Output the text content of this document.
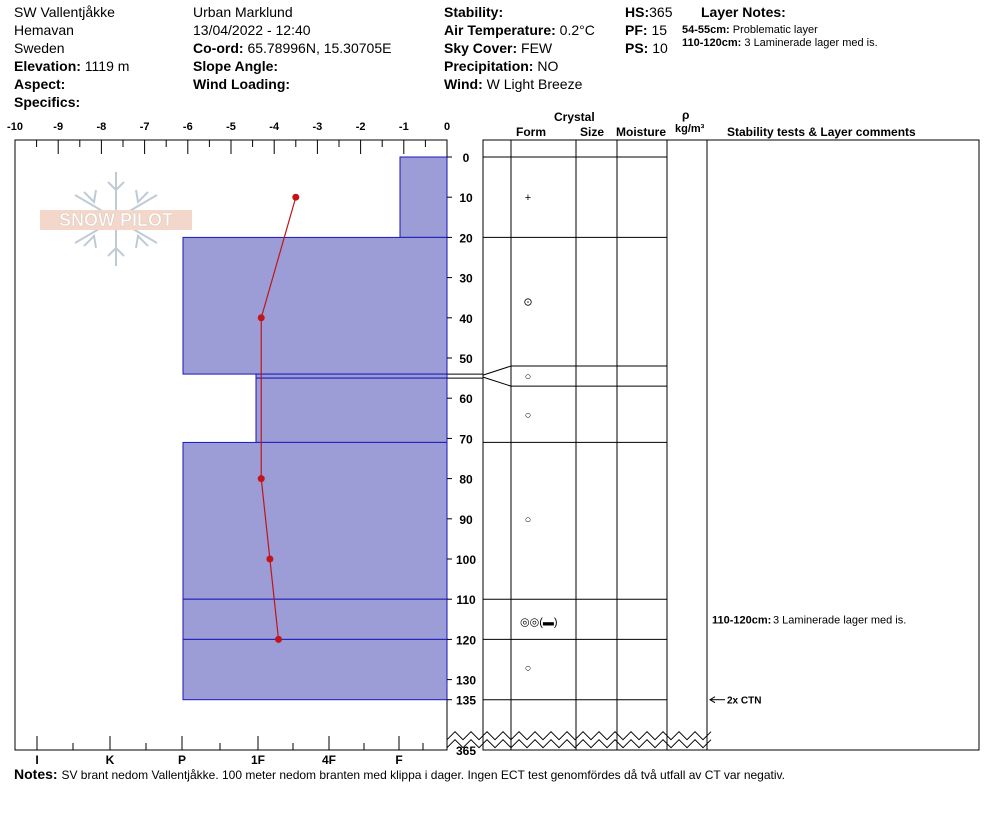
SW Vallentjåkke
Hemavan
Sweden
Elevation: 1119 m
Aspect:
Specifics:
Urban Marklund
13/04/2022 - 12:40
Co-ord: 65.78996N, 15.30705E
Slope Angle:
Wind Loading:
Stability:
Air Temperature: 0.2°C
Sky Cover: FEW
Precipitation: NO
Wind: W Light Breeze
HS:365
PF: 15
PS: 10
Layer Notes:
54-55cm: Problematic layer
110-120cm: 3 Laminerade lager med is.
Crystal
Form	Size Moisture
ρ
kg/m³ Stability tests & Layer comments
SNOW PILOT
-10	-9	-8	-7	-6	-5	-4	-3	-2	-1	0
I	K	P	1F	4F	F
0
10
20
30
40
50
60
70
80
90
100
110
120
130
135
365
+
⊙
○
○
○
◎◎(▬)
○
110-120cm: 3 Laminerade lager med is.
2x CTN
Notes: SV brant nedom Vallentjåkke. 100 meter nedom branten med klippa i dager. Ingen ECT test genomfördes då två utfall av CT var negativ.
